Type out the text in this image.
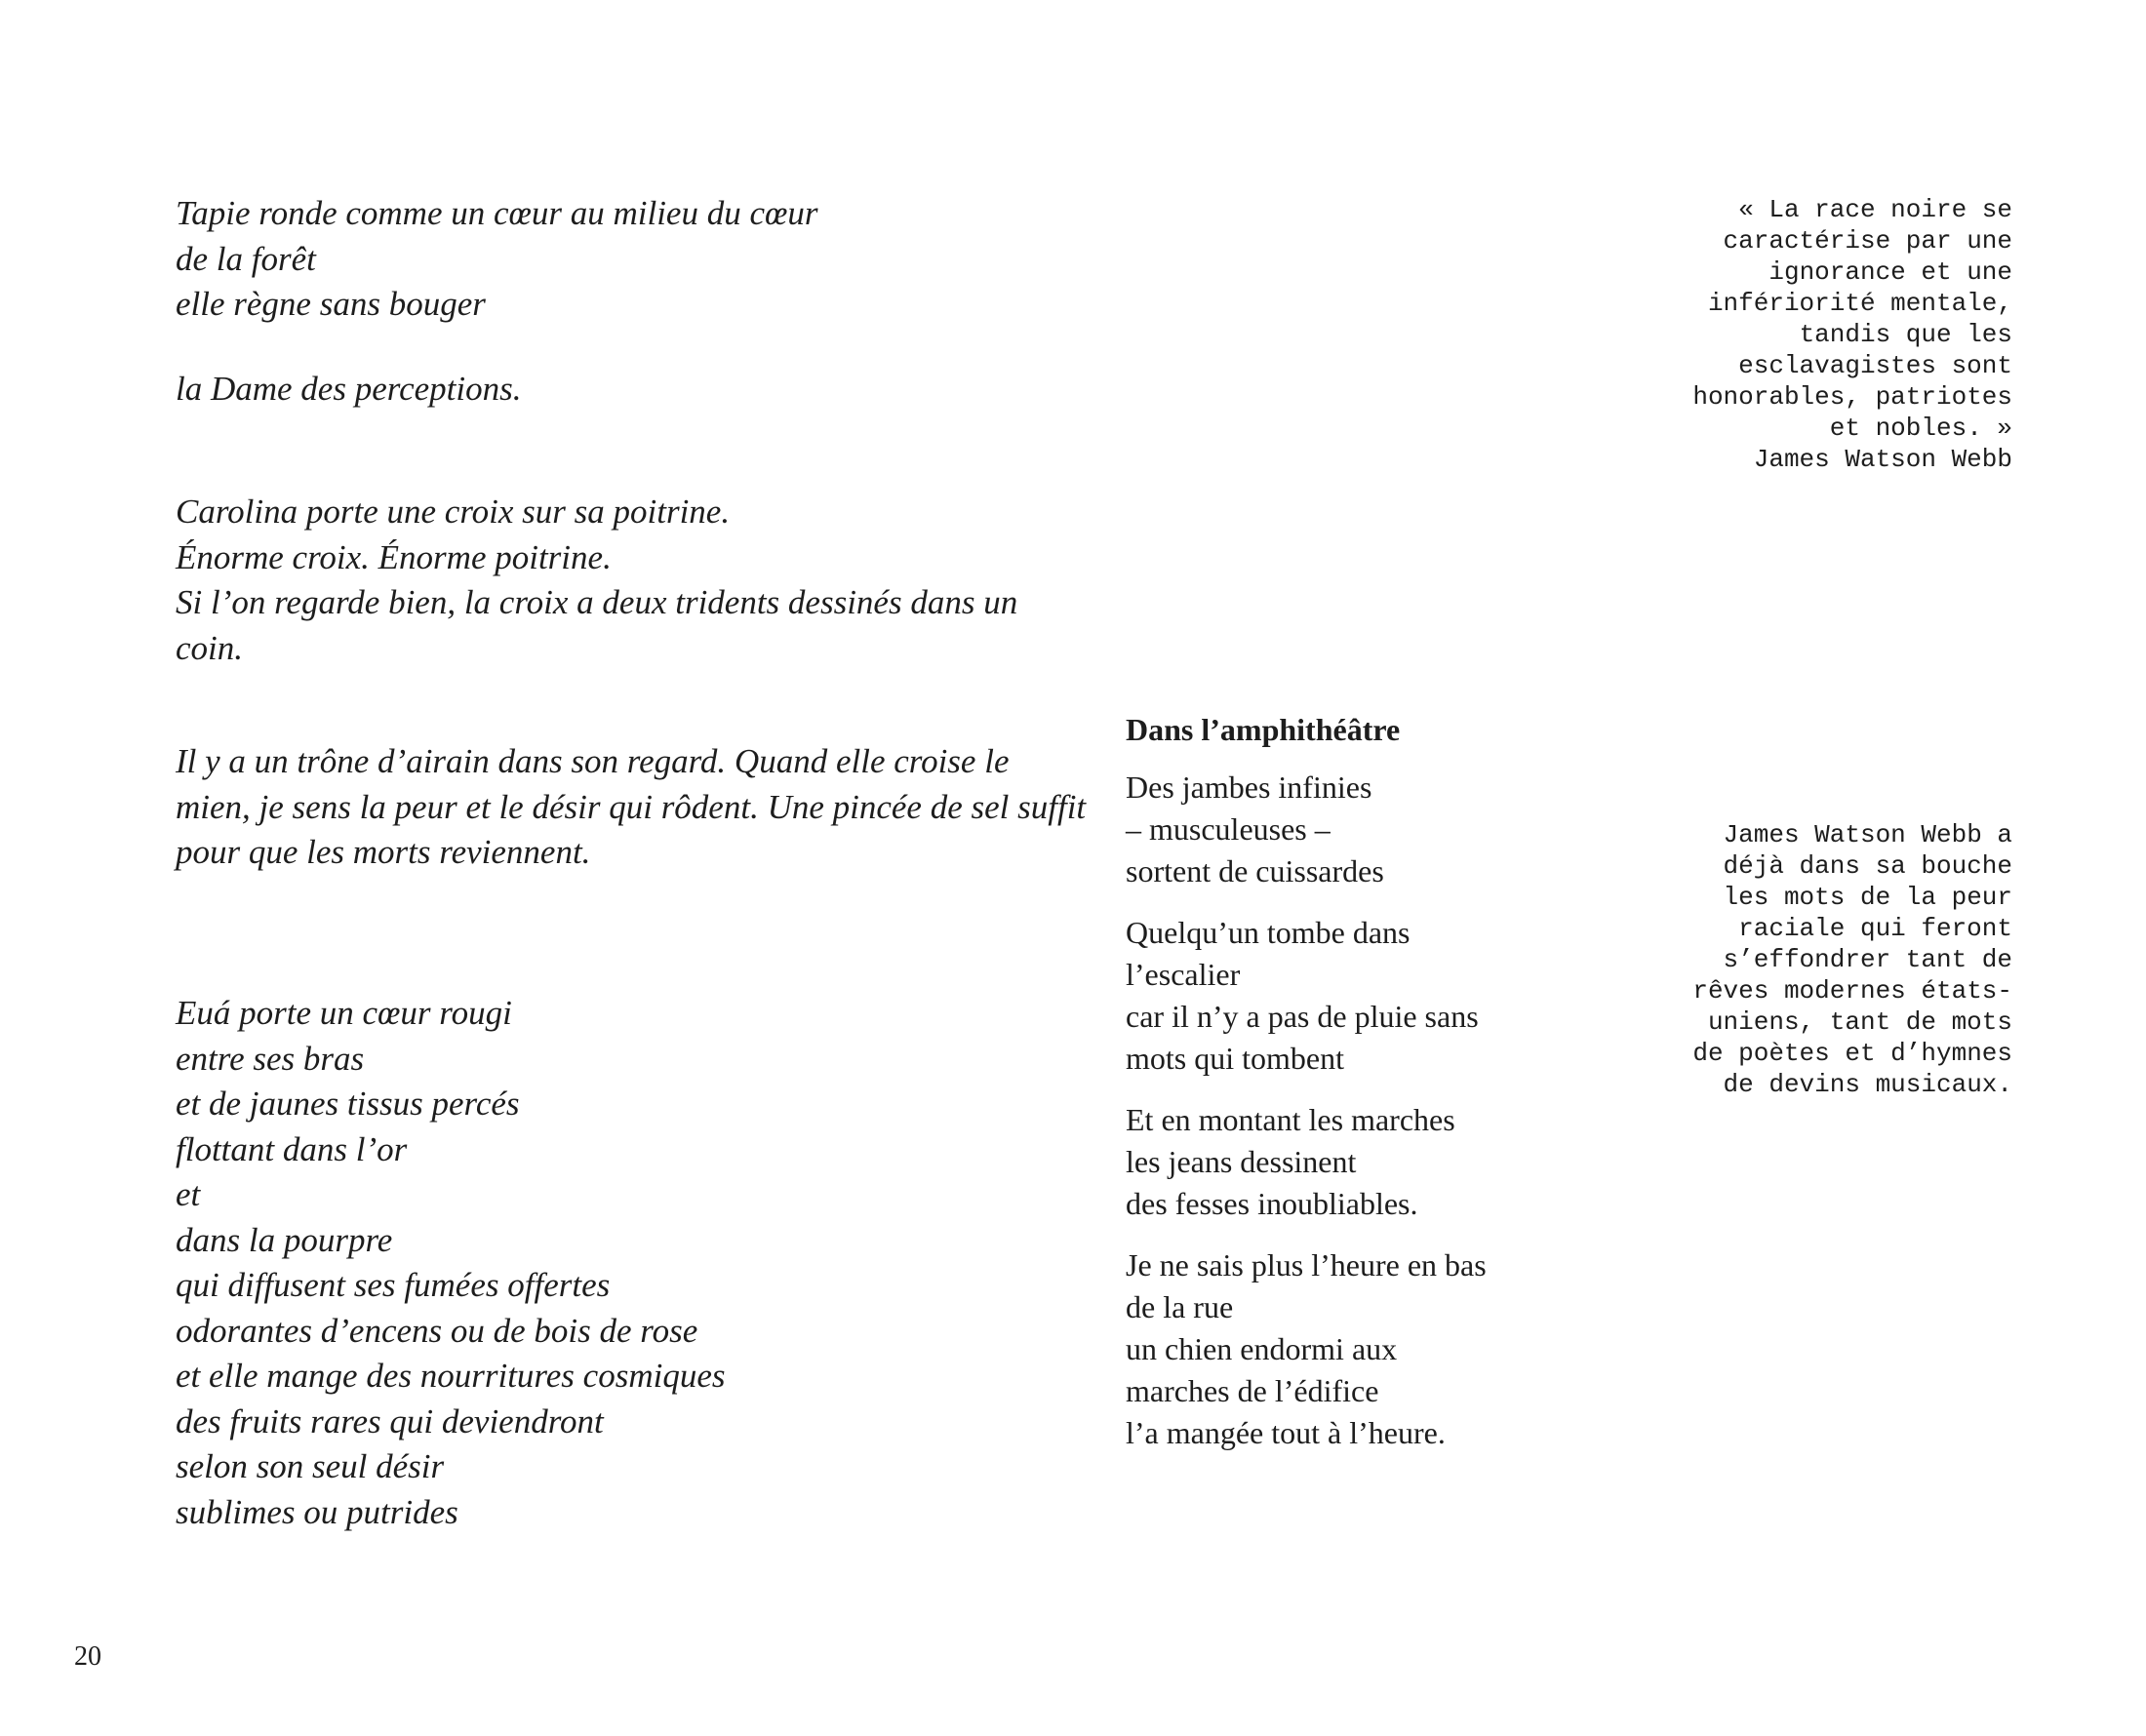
Tapie ronde comme un cœur au milieu du cœur
de la forêt
elle règne sans bouger
la Dame des perceptions.
Carolina porte une croix sur sa poitrine.
Énorme croix. Énorme poitrine.
Si l’on regarde bien, la croix a deux tridents dessinés dans un
coin.
Il y a un trône d’airain dans son regard. Quand elle croise le
mien, je sens la peur et le désir qui rôdent. Une pincée de sel suffit
pour que les morts reviennent.
Euá porte un cœur rougi
entre ses bras
et de jaunes tissus percés
flottant dans l’or
et
dans la pourpre
qui diffusent ses fumées offertes
odorantes d’encens ou de bois de rose
et elle mange des nourritures cosmiques
des fruits rares qui deviendront
selon son seul désir
sublimes ou putrides
Dans l’amphithéâtre
Des jambes infinies
– musculeuses –
sortent de cuissardes
Quelqu’un tombe dans
l’escalier
car il n’y a pas de pluie sans
mots qui tombent
Et en montant les marches
les jeans dessinent
des fesses inoubliables.
Je ne sais plus l’heure en bas
de la rue
un chien endormi aux
marches de l’édifice
l’a mangée tout à l’heure.
« La race noire se
caractérise par une
ignorance et une
infériorité mentale,
tandis que les
esclavagistes sont
honorables, patriotes
et nobles. »
James Watson Webb
James Watson Webb a
déjà dans sa bouche
les mots de la peur
raciale qui feront
s’effondrer tant de
rêves modernes états-
uniens, tant de mots
de poètes et d’hymnes
de devins musicaux.
20
